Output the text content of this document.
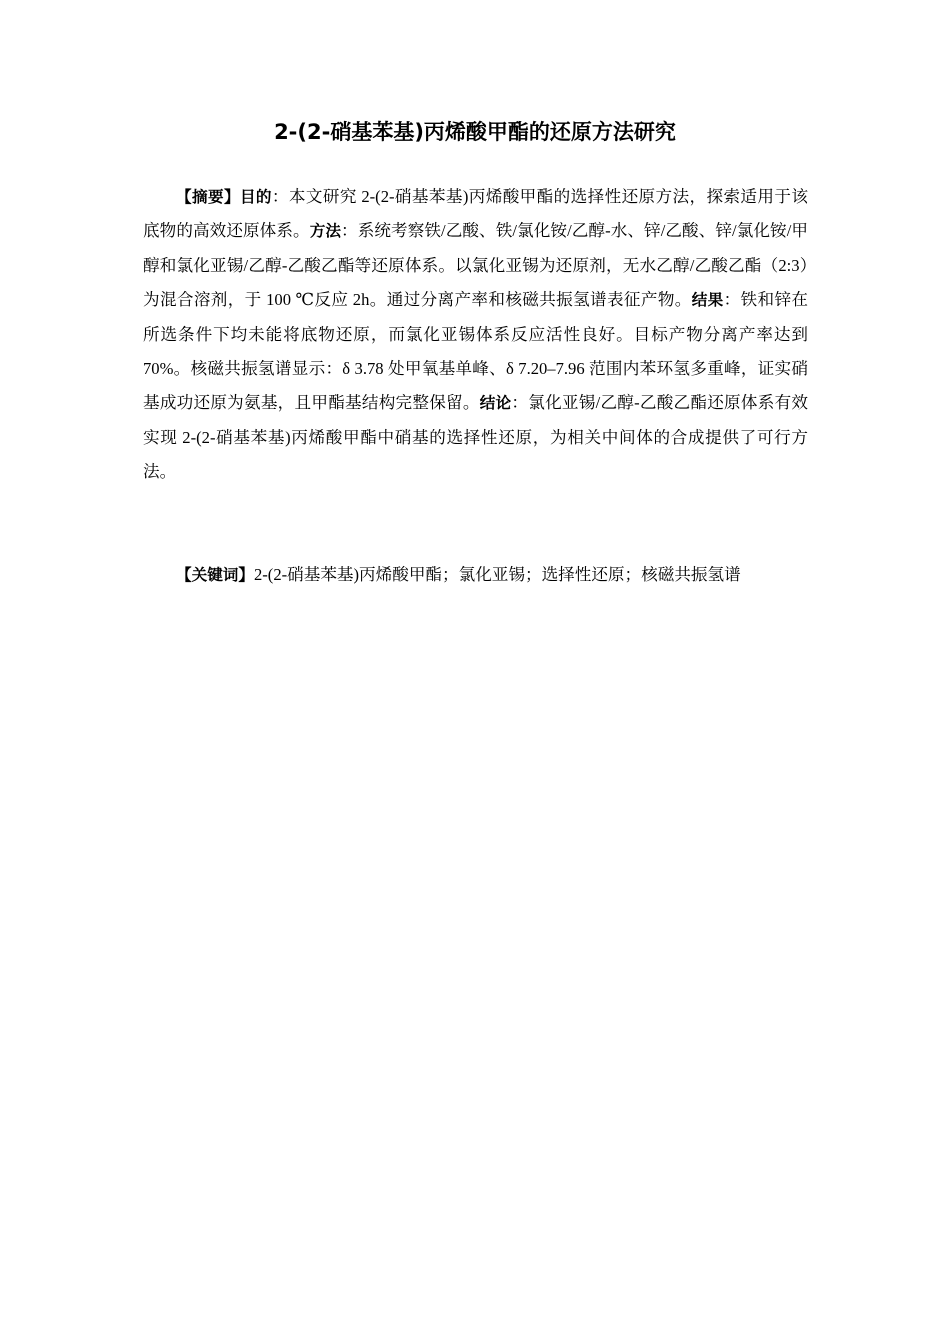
2-(2-硝基苯基)丙烯酸甲酯的还原方法研究

【摘要】目的：本文研究 2-(2-硝基苯基)丙烯酸甲酯的选择性还原方法，探索适用于该底物的高效还原体系。方法：系统考察铁/乙酸、铁/氯化铵/乙醇-水、锌/乙酸、锌/氯化铵/甲醇和氯化亚锡/乙醇-乙酸乙酯等还原体系。以氯化亚锡为还原剂，无水乙醇/乙酸乙酯（2:3）为混合溶剂，于 100 ℃反应 2h。通过分离产率和核磁共振氢谱表征产物。结果：铁和锌在所选条件下均未能将底物还原，而氯化亚锡体系反应活性良好。目标产物分离产率达到 70%。核磁共振氢谱显示：δ 3.78 处甲氧基单峰、δ 7.20–7.96 范围内苯环氢多重峰，证实硝基成功还原为氨基，且甲酯基结构完整保留。结论：氯化亚锡/乙醇-乙酸乙酯还原体系有效实现 2-(2-硝基苯基)丙烯酸甲酯中硝基的选择性还原，为相关中间体的合成提供了可行方法。

【关键词】2-(2-硝基苯基)丙烯酸甲酯；氯化亚锡；选择性还原；核磁共振氢谱
